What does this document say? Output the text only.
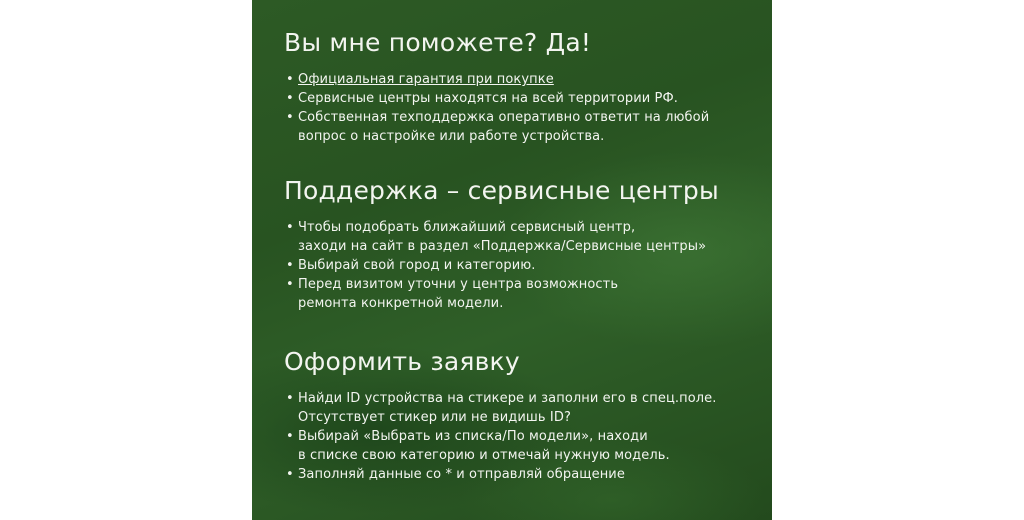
Вы мне поможете? Да!
• Официальная гарантия при покупке
• Сервисные центры находятся на всей территории РФ.
• Собственная техподдержка оперативно ответит на любой
вопрос о настройке или работе устройства.
Поддержка – сервисные центры
• Чтобы подобрать ближайший сервисный центр,
заходи на сайт в раздел «Поддержка/Сервисные центры»
• Выбирай свой город и категорию.
• Перед визитом уточни у центра возможность
ремонта конкретной модели.
Оформить заявку
• Найди ID устройства на стикере и заполни его в спец.поле.
Отсутствует стикер или не видишь ID?
• Выбирай «Выбрать из списка/По модели», находи
в списке свою категорию и отмечай нужную модель.
• Заполняй данные со * и отправляй обращение
